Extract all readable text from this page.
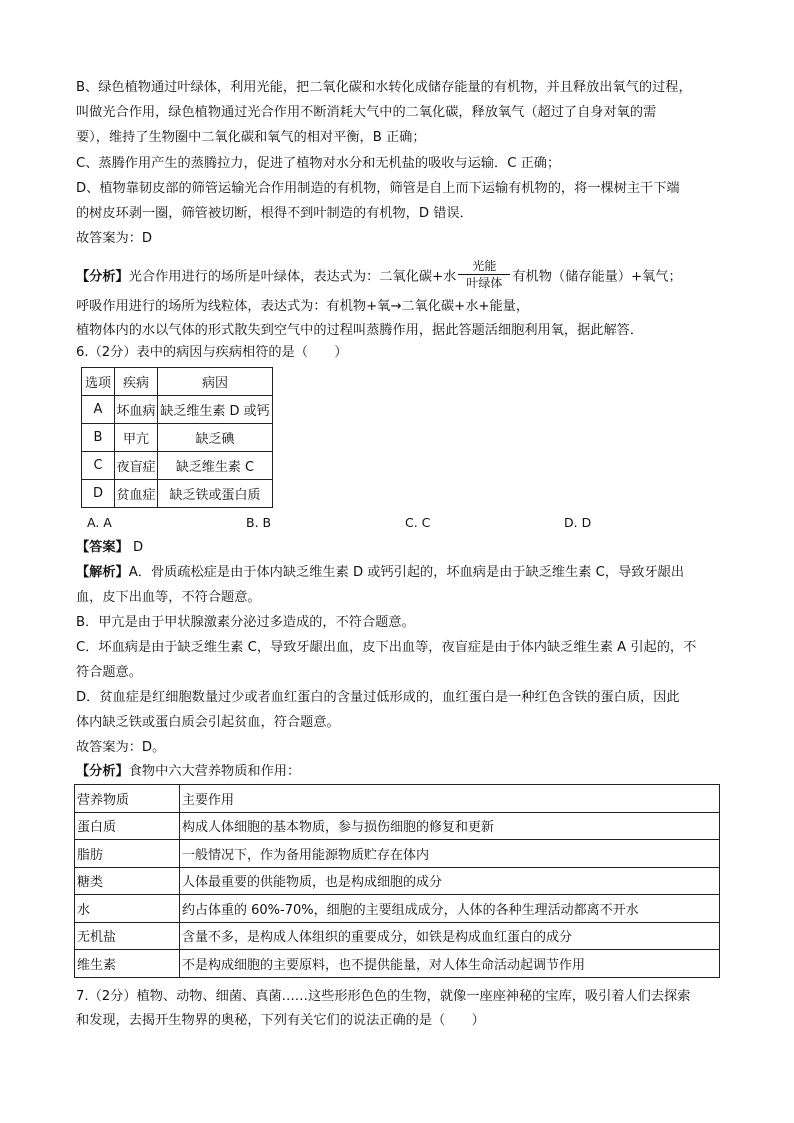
B、绿色植物通过叶绿体，利用光能，把二氧化碳和水转化成储存能量的有机物，并且释放出氧气的过程，
叫做光合作用，绿色植物通过光合作用不断消耗大气中的二氧化碳，释放氧气（超过了自身对氧的需
要），维持了生物圈中二氧化碳和氧气的相对平衡，B 正确；
C、蒸腾作用产生的蒸腾拉力，促进了植物对水分和无机盐的吸收与运输．C 正确；
D、植物靠韧皮部的筛管运输光合作用制造的有机物，筛管是自上而下运输有机物的，将一棵树主干下端
的树皮环剥一圈，筛管被切断，根得不到叶制造的有机物，D 错误．
故答案为：D
【分析】光合作用进行的场所是叶绿体，表达式为：二氧化碳+水 $\frac{\text{光能}}{\text{叶绿体}}$ 有机物（储存能量）+氧气；
呼吸作用进行的场所为线粒体，表达式为：有机物+氧→二氧化碳+水+能量，
植物体内的水以气体的形式散失到空气中的过程叫蒸腾作用，据此答题活细胞利用氧，据此解答．
6.（2分）表中的病因与疾病相符的是（　　）
选项	疾病	病因
A	坏血病	缺乏维生素 D 或钙
B	甲亢	缺乏碘
C	夜盲症	缺乏维生素 C
D	贫血症	缺乏铁或蛋白质
A. A	B. B	C. C	D. D
【答案】 D
【解析】A．骨质疏松症是由于体内缺乏维生素 D 或钙引起的，坏血病是由于缺乏维生素 C，导致牙龈出
血，皮下出血等，不符合题意。
B．甲亢是由于甲状腺激素分泌过多造成的，不符合题意。
C．坏血病是由于缺乏维生素 C，导致牙龈出血，皮下出血等，夜盲症是由于体内缺乏维生素 A 引起的，不
符合题意。
D．贫血症是红细胞数量过少或者血红蛋白的含量过低形成的，血红蛋白是一种红色含铁的蛋白质，因此
体内缺乏铁或蛋白质会引起贫血，符合题意。
故答案为：D。
【分析】食物中六大营养物质和作用：
营养物质	主要作用
蛋白质	构成人体细胞的基本物质，参与损伤细胞的修复和更新
脂肪	一般情况下，作为备用能源物质贮存在体内
糖类	人体最重要的供能物质，也是构成细胞的成分
水	约占体重的 60%-70%，细胞的主要组成成分，人体的各种生理活动都离不开水
无机盐	含量不多，是构成人体组织的重要成分，如铁是构成血红蛋白的成分
维生素	不是构成细胞的主要原料，也不提供能量，对人体生命活动起调节作用
7.（2分）植物、动物、细菌、真菌……这些形形色色的生物，就像一座座神秘的宝库，吸引着人们去探索
和发现，去揭开生物界的奥秘，下列有关它们的说法正确的是（　　）
